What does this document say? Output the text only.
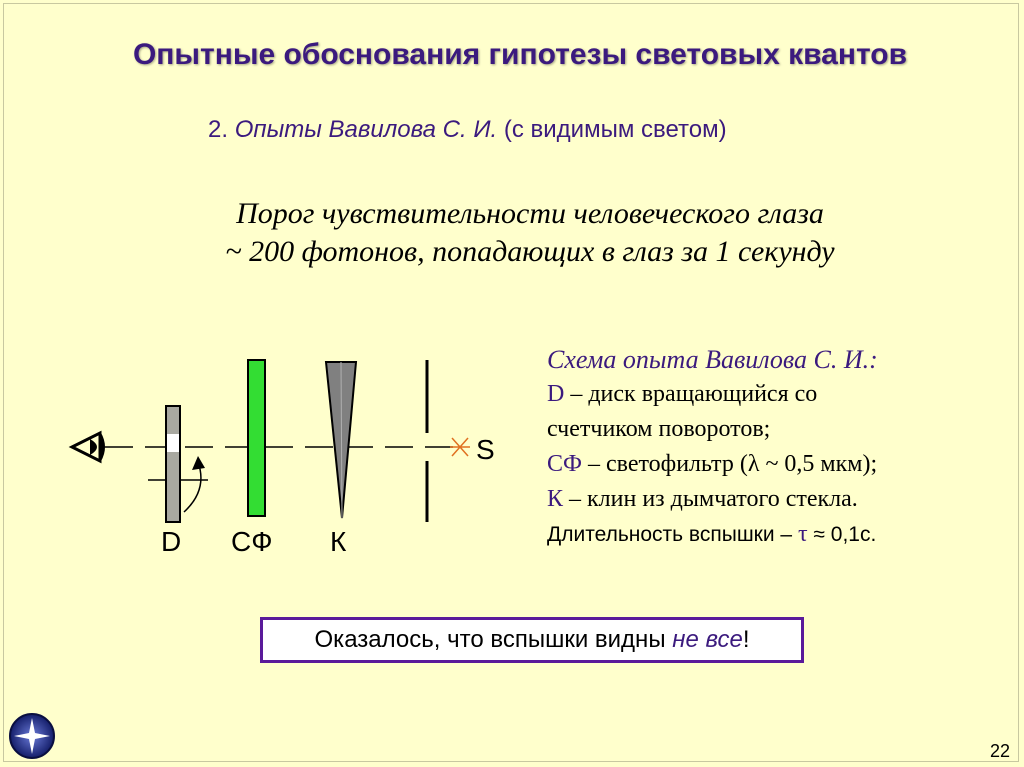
Опытные обоснования гипотезы световых квантов
2. Опыты Вавилова С. И. (с видимым светом)
Порог чувствительности человеческого глаза
~ 200 фотонов, попадающих в глаз за 1 секунду
D СФ К
S
Схема опыта Вавилова С. И.:
D – диск вращающийся со
счетчиком поворотов;
СФ – светофильтр (λ ~ 0,5 мкм);
К – клин из дымчатого стекла.
Длительность вспышки – τ ≈ 0,1с.
Оказалось, что вспышки видны не все!
22
